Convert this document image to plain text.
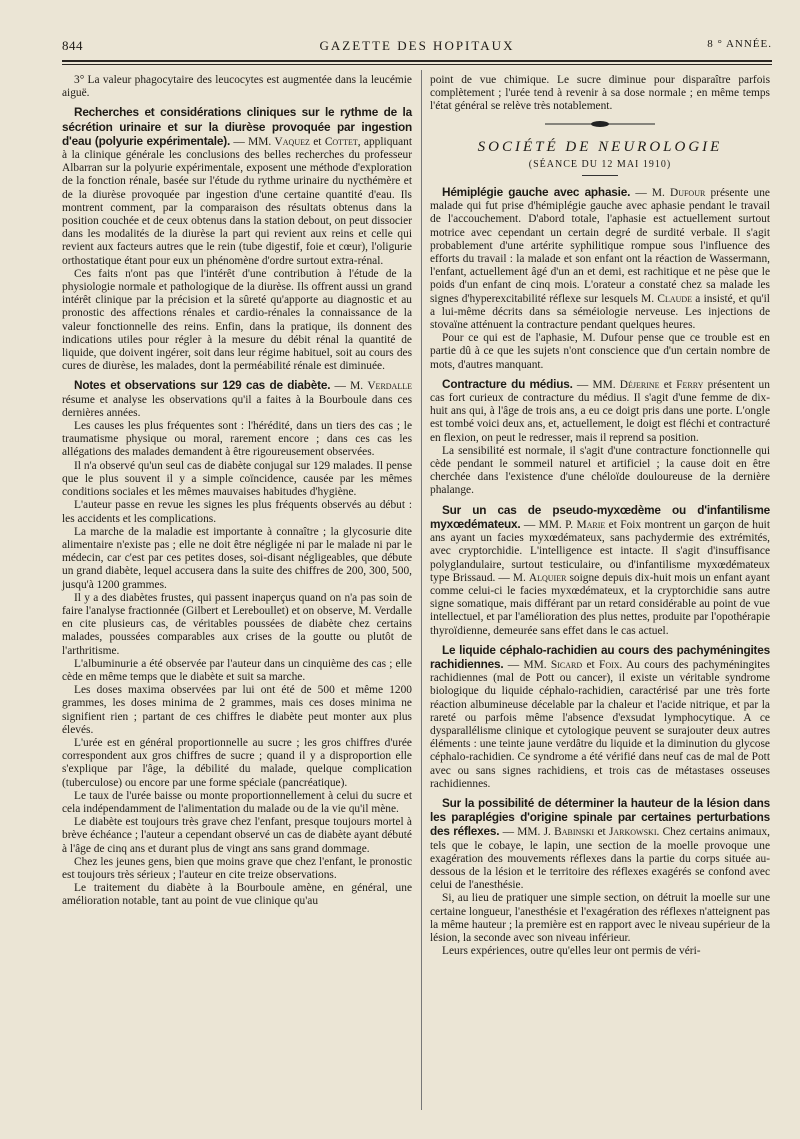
844	GAZETTE DES HOPITAUX	8 ° ANNÉE.

3° La valeur phagocytaire des leucocytes est augmentée dans la leucémie aiguë.

Recherches et considérations cliniques sur le rythme de la sécrétion urinaire et sur la diurèse provoquée par ingestion d'eau (polyurie expérimentale). — MM. Vaquez et Cottet, appliquant à la clinique générale les conclusions des belles recherches du professeur Albarran sur la polyurie expérimentale, exposent une méthode d'exploration de la fonction rénale, basée sur l'étude du rythme urinaire du nycthémère et de la diurèse provoquée par ingestion d'une certaine quantité d'eau. Ils montrent comment, par la comparaison des résultats obtenus dans la position couchée et de ceux obtenus dans la station debout, on peut dissocier dans les modalités de la diurèse la part qui revient aux reins et celle qui revient aux facteurs autres que le rein (tube digestif, foie et cœur), l'oligurie orthostatique étant pour eux un phénomène d'ordre surtout extra-rénal.

Ces faits n'ont pas que l'intérêt d'une contribution à l'étude de la physiologie normale et pathologique de la diurèse. Ils offrent aussi un grand intérêt clinique par la précision et la sûreté qu'apporte au diagnostic et au pronostic des affections rénales et cardio-rénales la connaissance de la valeur fonctionnelle des reins. Enfin, dans la pratique, ils donnent des indications utiles pour régler à la mesure du débit rénal la quantité de liquide, que doivent ingérer, soit dans leur régime habituel, soit au cours des cures de diurèse, les malades, dont la perméabilité rénale est diminuée.

Notes et observations sur 129 cas de diabète. — M. Verdalle résume et analyse les observations qu'il a faites à la Bourboule dans ces dernières années.

Les causes les plus fréquentes sont : l'hérédité, dans un tiers des cas ; le traumatisme physique ou moral, rarement encore ; dans ces cas les allégations des malades demandent à être rigoureusement observées.

Il n'a observé qu'un seul cas de diabète conjugal sur 129 malades. Il pense que le plus souvent il y a simple coïncidence, causée par les mêmes conditions sociales et les mêmes mauvaises habitudes d'hygiène.

L'auteur passe en revue les signes les plus fréquents observés au début : les accidents et les complications.

La marche de la maladie est importante à connaître ; la glycosurie dite alimentaire n'existe pas ; elle ne doit être négligée ni par le malade ni par le médecin, car c'est par ces petites doses, soi-disant négligeables, que débute un grand diabète, lequel accusera dans la suite des chiffres de 200, 300, 500, jusqu'à 1200 grammes.

Il y a des diabètes frustes, qui passent inaperçus quand on n'a pas soin de faire l'analyse fractionnée (Gilbert et Lereboullet) et on observe, M. Verdalle en cite plusieurs cas, de véritables poussées de diabète chez certains malades, poussées comparables aux crises de la goutte ou plutôt de l'arthritisme.

L'albuminurie a été observée par l'auteur dans un cinquième des cas ; elle cède en même temps que le diabète et suit sa marche.

Les doses maxima observées par lui ont été de 500 et même 1200 grammes, les doses minima de 2 grammes, mais ces doses minima ne signifient rien ; partant de ces chiffres le diabète peut monter aux plus élevés.

L'urée est en général proportionnelle au sucre ; les gros chiffres d'urée correspondent aux gros chiffres de sucre ; quand il y a disproportion elle s'explique par l'âge, la débilité du malade, quelque complication (tuberculose) ou encore par une forme spéciale (pancréatique).

Le taux de l'urée baisse ou monte proportionnellement à celui du sucre et cela indépendamment de l'alimentation du malade ou de la vie qu'il mène.

Le diabète est toujours très grave chez l'enfant, presque toujours mortel à brève échéance ; l'auteur a cependant observé un cas de diabète ayant débuté à l'âge de cinq ans et durant plus de vingt ans sans grand dommage.

Chez les jeunes gens, bien que moins grave que chez l'enfant, le pronostic est toujours très sérieux ; l'auteur en cite treize observations.

Le traitement du diabète à la Bourboule amène, en général, une amélioration notable, tant au point de vue clinique qu'au

point de vue chimique. Le sucre diminue pour disparaître parfois complètement ; l'urée tend à revenir à sa dose normale ; en même temps l'état général se relève très notablement.

SOCIÉTÉ DE NEUROLOGIE
(SÉANCE DU 12 MAI 1910)

Hémiplégie gauche avec aphasie. — M. Dufour présente une malade qui fut prise d'hémiplégie gauche avec aphasie pendant le travail de l'accouchement. D'abord totale, l'aphasie est actuellement surtout motrice avec cependant un certain degré de surdité verbale. Il s'agit probablement d'une artérite syphilitique rompue sous l'influence des efforts du travail : la malade et son enfant ont la réaction de Wassermann, l'enfant, actuellement âgé d'un an et demi, est rachitique et ne pèse que le poids d'un enfant de cinq mois. L'orateur a constaté chez sa malade les signes d'hyperexcitabilité réflexe sur lesquels M. Claude a insisté, et qu'il a lui-même décrits dans sa séméiologie nerveuse. Les injections de stovaïne atténuent la contracture pendant quelques heures.

Pour ce qui est de l'aphasie, M. Dufour pense que ce trouble est en partie dû à ce que les sujets n'ont conscience que d'un certain nombre de mots, d'autres manquant.

Contracture du médius. — MM. Déjerine et Ferry présentent un cas fort curieux de contracture du médius. Il s'agit d'une femme de dix-huit ans qui, à l'âge de trois ans, a eu ce doigt pris dans une porte. L'ongle est tombé voici deux ans, et, actuellement, le doigt est fléchi et contracturé en flexion, on peut le redresser, mais il reprend sa position.

La sensibilité est normale, il s'agit d'une contracture fonctionnelle qui cède pendant le sommeil naturel et artificiel ; la cause doit en être cherchée dans l'existence d'une chéloïde douloureuse de la dernière phalange.

Sur un cas de pseudo-myxœdème ou d'infantilisme myxœdémateux. — MM. P. Marie et Foix montrent un garçon de huit ans ayant un facies myxœdémateux, sans pachydermie des extrémités, avec cryptorchidie. L'intelligence est intacte. Il s'agit d'insuffisance polyglandulaire, surtout testiculaire, ou d'infantilisme myxœdémateux type Brissaud. — M. Alquier soigne depuis dix-huit mois un enfant ayant comme celui-ci le facies myxœdémateux, et la cryptorchidie sans autre signe somatique, mais différant par un retard considérable au point de vue intellectuel, et par l'amélioration des plus nettes, produite par l'opothérapie thyroïdienne, demeurée sans effet dans le cas actuel.

Le liquide céphalo-rachidien au cours des pachyméningites rachidiennes. — MM. Sicard et Foix. Au cours des pachyméningites rachidiennes (mal de Pott ou cancer), il existe un véritable syndrome biologique du liquide céphalo-rachidien, caractérisé par une très forte réaction albumineuse décelable par la chaleur et l'acide nitrique, et par la rareté ou parfois même l'absence d'exsudat lymphocytique. A ce dysparallélisme clinique et cytologique peuvent se surajouter deux autres éléments : une teinte jaune verdâtre du liquide et la diminution du glycose céphalo-rachidien. Ce syndrome a été vérifié dans neuf cas de mal de Pott avec ou sans signes rachidiens, et trois cas de métastases osseuses rachidiennes.

Sur la possibilité de déterminer la hauteur de la lésion dans les paraplégies d'origine spinale par certaines perturbations des réflexes. — MM. J. Babinski et Jarkowski. Chez certains animaux, tels que le cobaye, le lapin, une section de la moelle provoque une exagération des mouvements réflexes dans la partie du corps située au-dessous de la lésion et le territoire des réflexes exagérés se confond avec celui de l'anesthésie.

Si, au lieu de pratiquer une simple section, on détruit la moelle sur une certaine longueur, l'anesthésie et l'exagération des réflexes n'atteignent pas la même hauteur ; la première est en rapport avec le niveau supérieur de la lésion, la seconde avec son niveau inférieur.

Leurs expériences, outre qu'elles leur ont permis de véri-
